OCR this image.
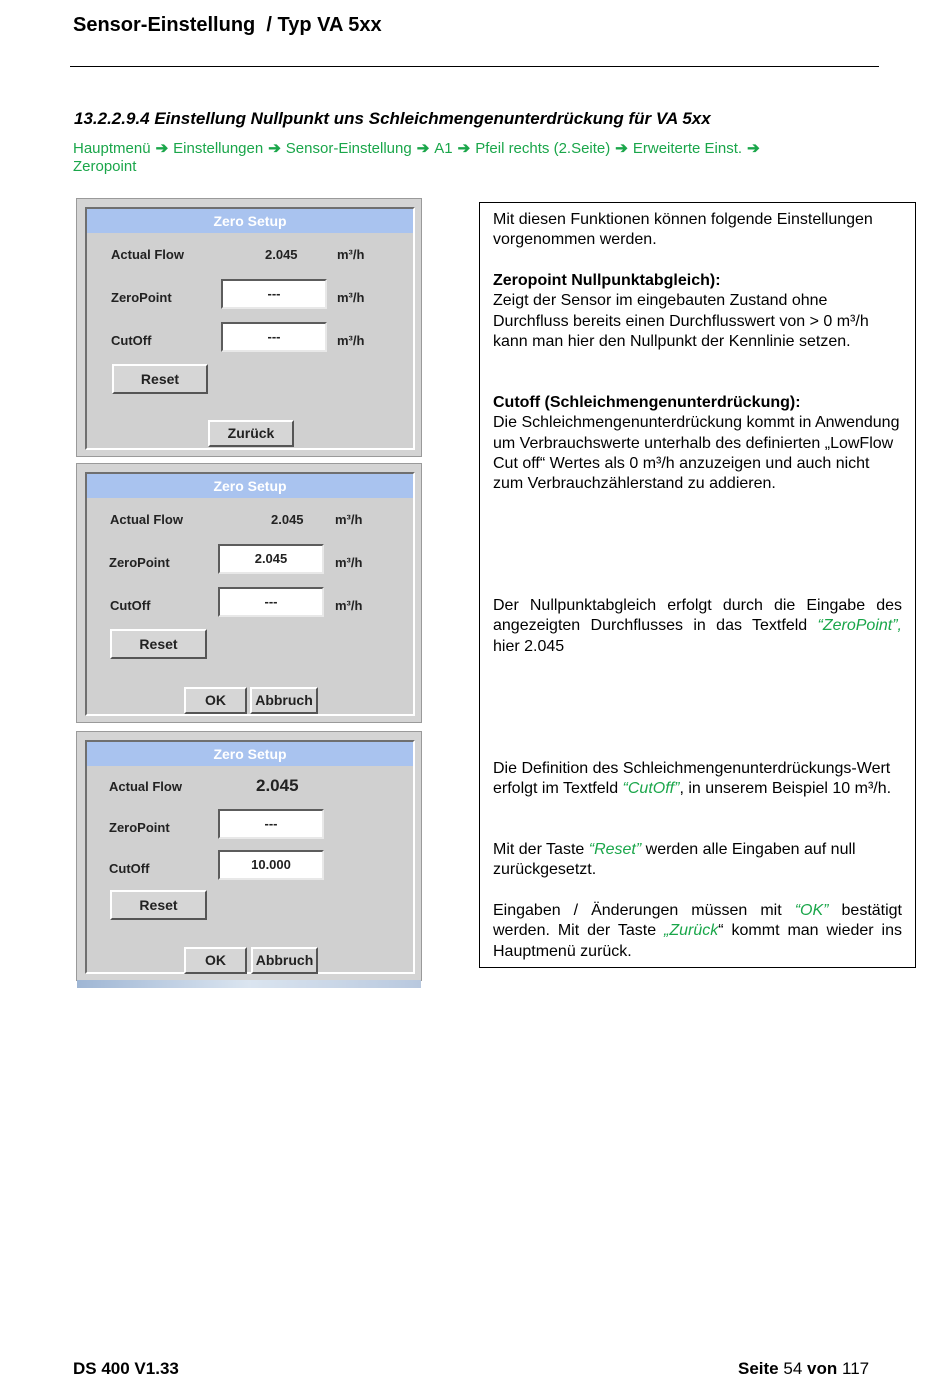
Sensor-Einstellung  / Typ VA 5xx
13.2.2.9.4 Einstellung Nullpunkt uns Schleichmengenunterdrückung für VA 5xx
Hauptmenü ➔ Einstellungen ➔ Sensor-Einstellung ➔ A1 ➔ Pfeil rechts (2.Seite) ➔ Erweiterte Einst. ➔
Zeropoint
Zero Setup
Actual Flow	2.045	m³/h
ZeroPoint	---	m³/h
CutOff	---	m³/h
Reset
Zurück
Zero Setup
Actual Flow	2.045 m³/h
ZeroPoint	2.045	m³/h
CutOff	---	m³/h
Reset
OK	Abbruch
Zero Setup
Actual Flow	2.045
ZeroPoint	---
CutOff	10.000
Reset
OK	Abbruch
Mit diesen Funktionen können folgende Einstellungen vorgenommen werden.
Zeropoint Nullpunktabgleich):
Zeigt der Sensor im eingebauten Zustand ohne Durchfluss bereits einen Durchflusswert von > 0 m³/h kann man hier den Nullpunkt der Kennlinie setzen.
Cutoff (Schleichmengenunterdrückung):
Die Schleichmengenunterdrückung kommt in Anwendung um Verbrauchswerte unterhalb des definierten „LowFlow Cut off“ Wertes als 0 m³/h anzuzeigen und auch nicht zum Verbrauchzählerstand zu addieren.
Der Nullpunktabgleich erfolgt durch die Eingabe des angezeigten Durchflusses in das Textfeld “ZeroPoint”, hier 2.045
Die Definition des Schleichmengenunterdrückungs-Wert erfolgt im Textfeld “CutOff”, in unserem Beispiel 10 m³/h.
Mit der Taste “Reset” werden alle Eingaben auf null zurückgesetzt.
Eingaben / Änderungen müssen mit “OK” bestätigt werden. Mit der Taste „Zurück“ kommt man wieder ins Hauptmenü zurück.
DS 400 V1.33	Seite 54 von 117
